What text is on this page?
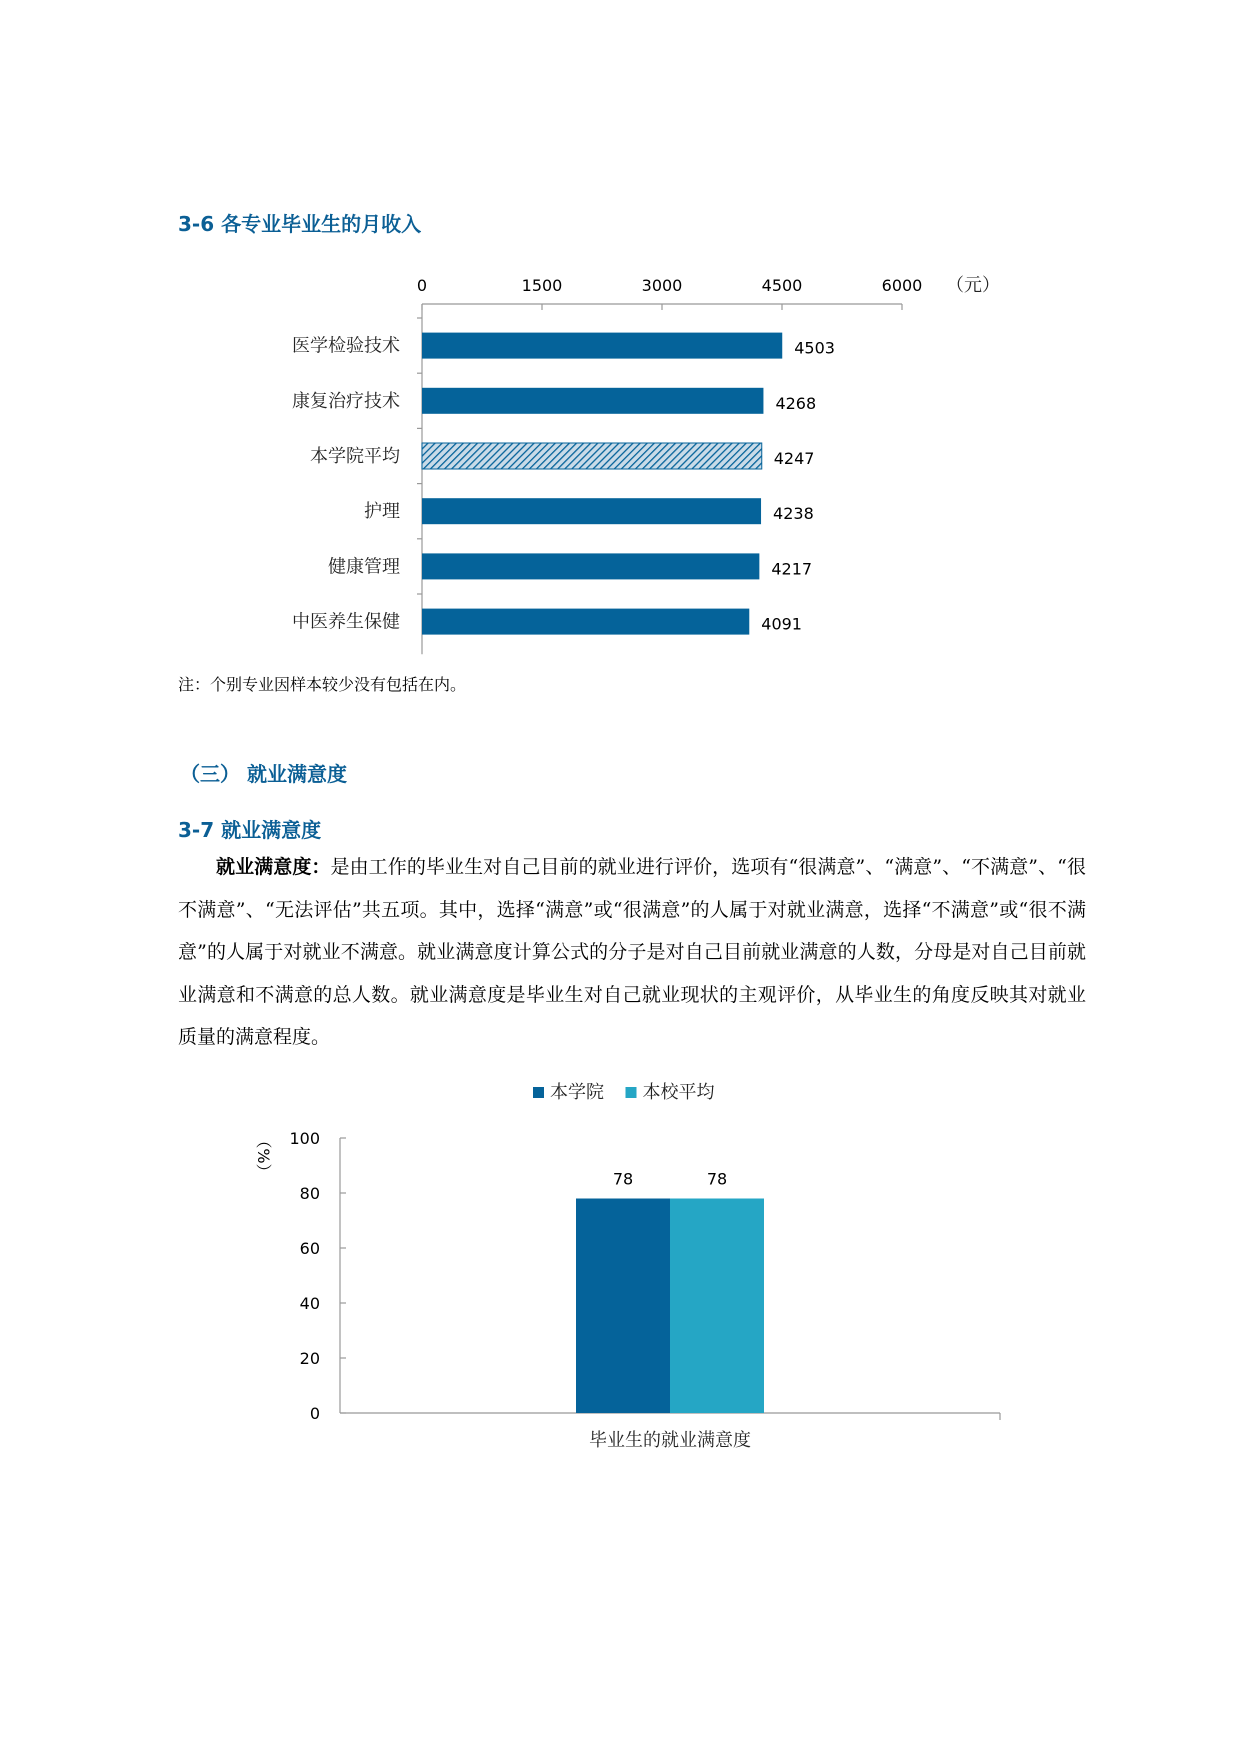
3-6 各专业毕业生的月收入
0	1500	3000	4500	6000 （元）
医学检验技术	4503
康复治疗技术	4268
本学院平均	4247
护理	4238
健康管理	4217
中医养生保健	4091
注：个别专业因样本较少没有包括在内。
（三） 就业满意度
3-7 就业满意度

就业满意度：是由工作的毕业生对自己目前的就业进行评价，选项有“很满意”、“满意”、“不满意”、“很不满意”、“无法评估”共五项。其中，选择“满意”或“很满意”的人属于对就业满意，选择“不满意”或“很不满意”的人属于对就业不满意。就业满意度计算公式的分子是对自己目前就业满意的人数，分母是对自己目前就业满意和不满意的总人数。就业满意度是毕业生对自己就业现状的主观评价，从毕业生的角度反映其对就业质量的满意程度。

0
20
40
60
80
100
（%）
本学院 本校平均
78	78
毕业生的就业满意度
